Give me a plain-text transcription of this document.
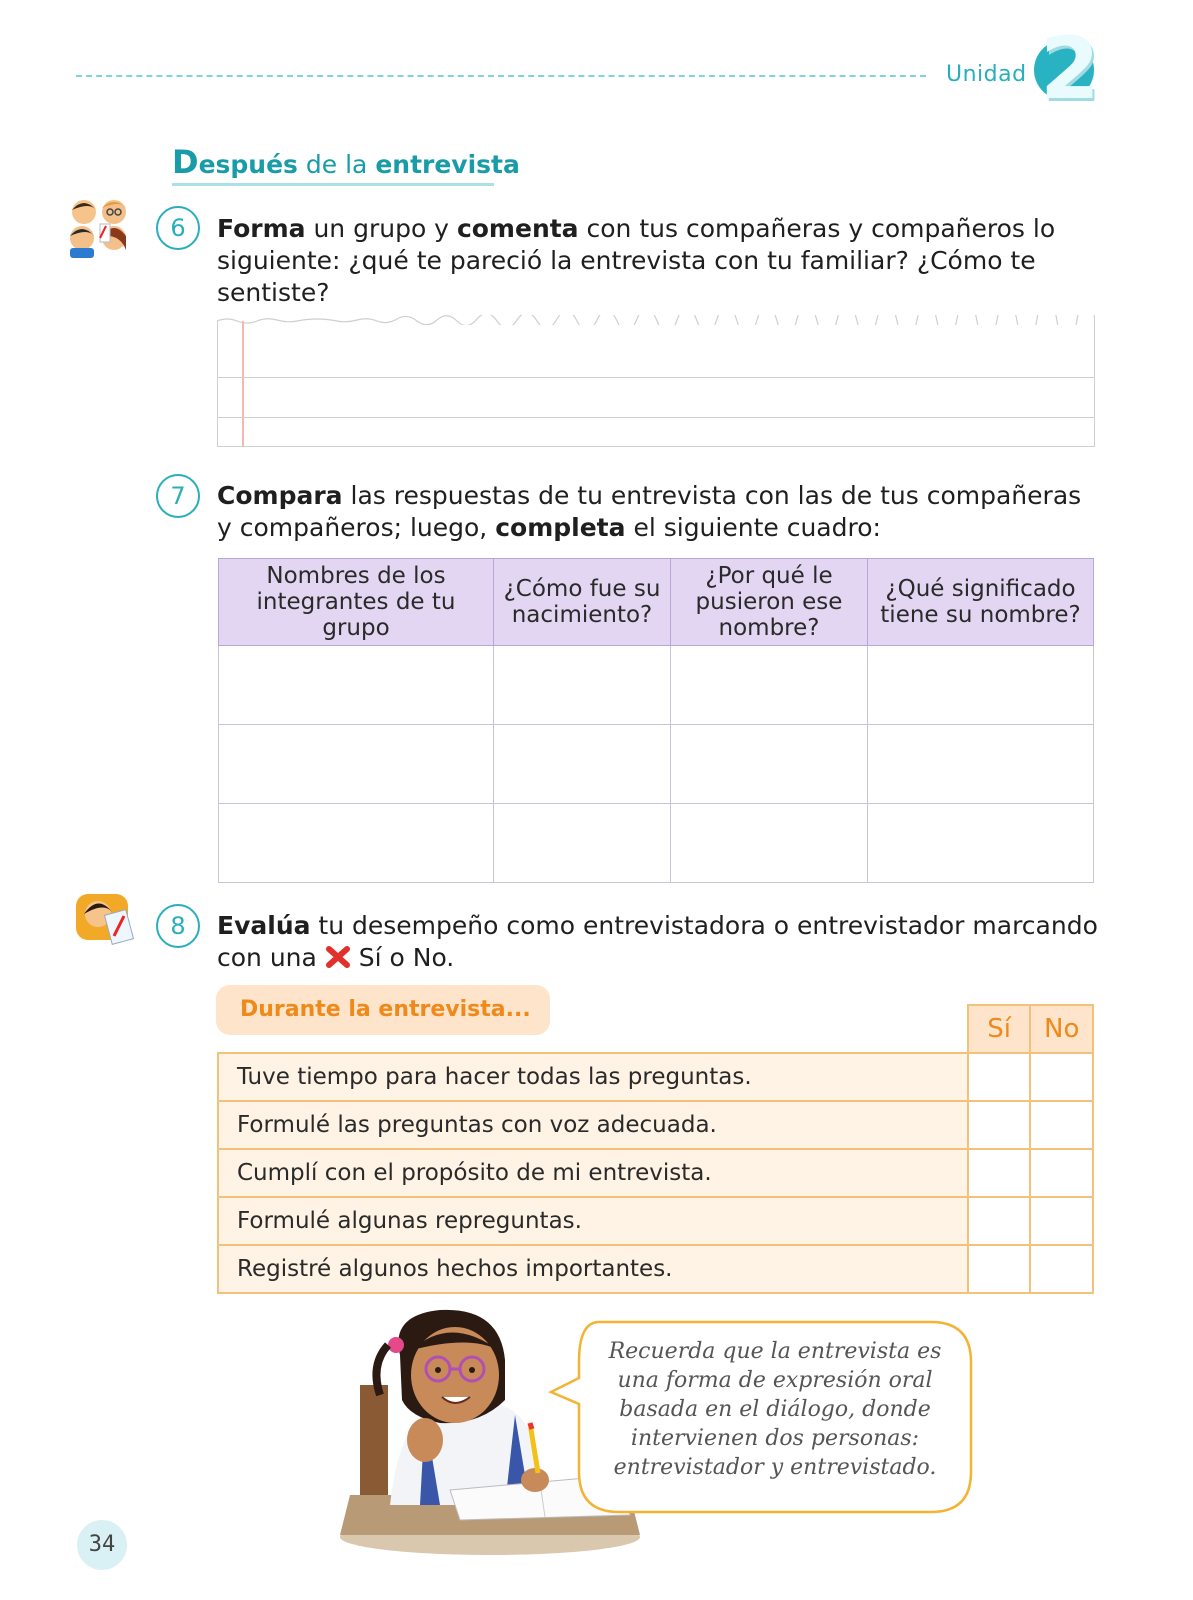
Unidad 2
Después de la entrevista
6	Forma un grupo y comenta con tus compañeras y compañeros lo siguiente: ¿qué te pareció la entrevista con tu familiar? ¿Cómo te sentiste?
7	Compara las respuestas de tu entrevista con las de tus compañeras y compañeros; luego, completa el siguiente cuadro:
Nombres de los integrantes de tu grupo	¿Cómo fue su nacimiento?	¿Por qué le pusieron ese nombre?	¿Qué significado tiene su nombre?

8	Evalúa tu desempeño como entrevistadora o entrevistador marcando con una  Sí o No.
Durante la entrevista...
	Sí	No
Tuve tiempo para hacer todas las preguntas.		
Formulé las preguntas con voz adecuada.		
Cumplí con el propósito de mi entrevista.		
Formulé algunas repreguntas.		
Registré algunos hechos importantes.		
Recuerda que la entrevista es una forma de expresión oral basada en el diálogo, donde intervienen dos personas: entrevistador y entrevistado.
34
